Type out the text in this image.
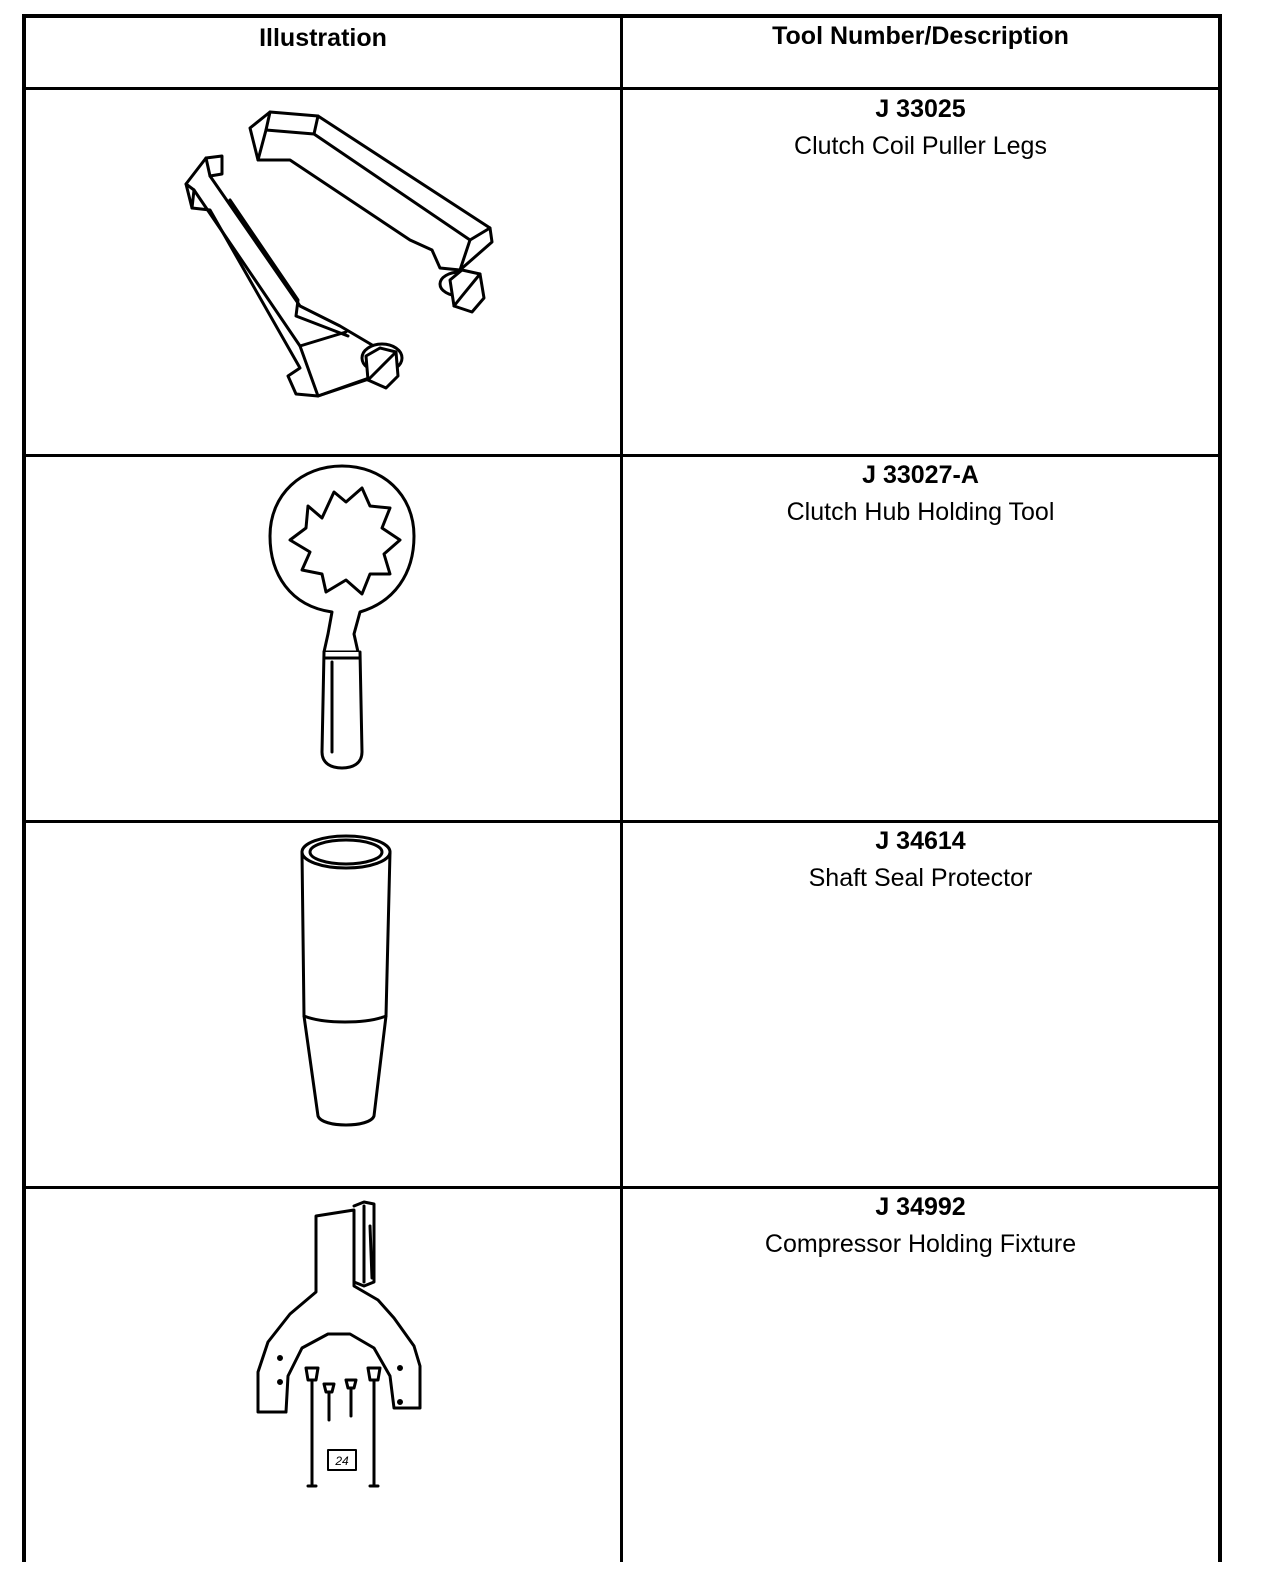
Illustration	Tool Number/Description
J 33025
Clutch Coil Puller Legs
J 33027-A
Clutch Hub Holding Tool
J 34614
Shaft Seal Protector
24
J 34992
Compressor Holding Fixture
